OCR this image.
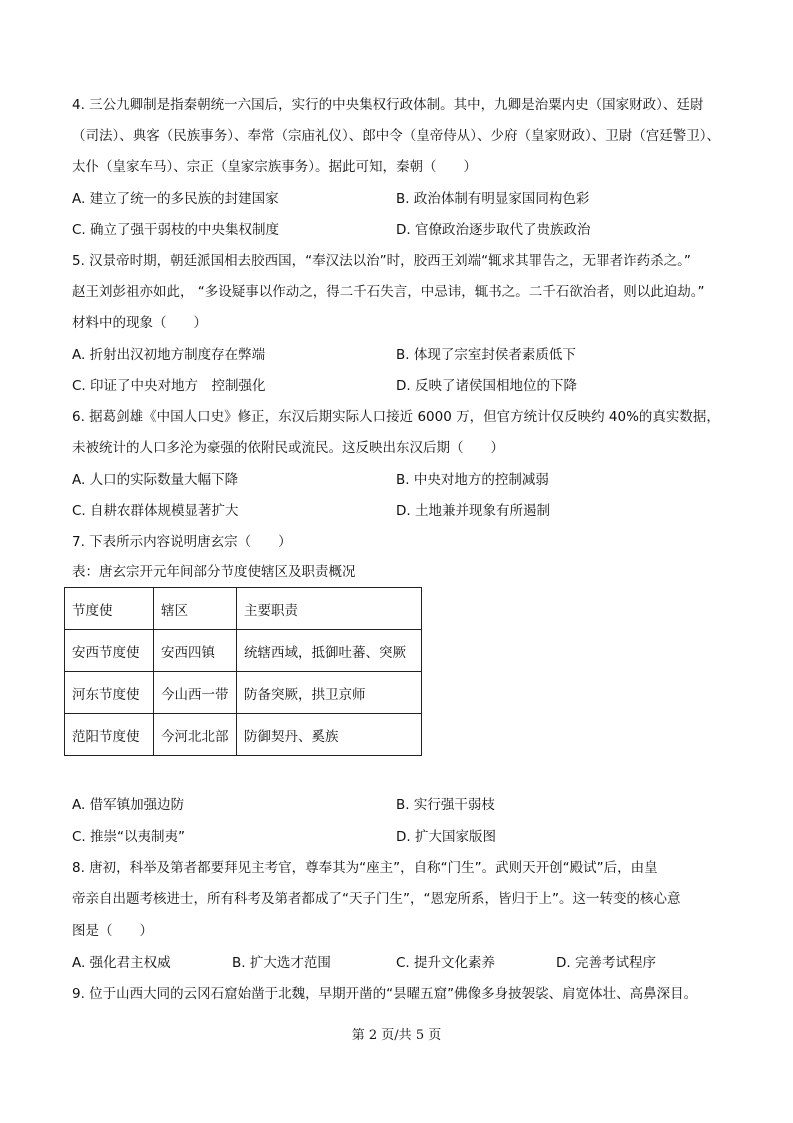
4. 三公九卿制是指秦朝统一六国后，实行的中央集权行政体制。其中，九卿是治粟内史（国家财政）、廷尉
（司法）、典客（民族事务）、奉常（宗庙礼仪）、郎中令（皇帝侍从）、少府（皇家财政）、卫尉（宫廷警卫）、
太仆（皇家车马）、宗正（皇家宗族事务）。据此可知，秦朝（　　）
A. 建立了统一的多民族的封建国家	B. 政治体制有明显家国同构色彩
C. 确立了强干弱枝的中央集权制度	D. 官僚政治逐步取代了贵族政治
5. 汉景帝时期，朝廷派国相去胶西国，“奉汉法以治”时，胶西王刘端“辄求其罪告之，无罪者诈药杀之。”
赵王刘彭祖亦如此， “多设疑事以作动之，得二千石失言，中忌讳，辄书之。二千石欲治者，则以此迫劫。”
材料中的现象（　　）
A. 折射出汉初地方制度存在弊端	B. 体现了宗室封侯者素质低下
C. 印证了中央对地方　控制强化	D. 反映了诸侯国相地位的下降
6. 据葛剑雄《中国人口史》修正，东汉后期实际人口接近 6000 万，但官方统计仅反映约 40%的真实数据，
未被统计的人口多沦为豪强的依附民或流民。这反映出东汉后期（　　）
A. 人口的实际数量大幅下降	B. 中央对地方的控制减弱
C. 自耕农群体规模显著扩大	D. 土地兼并现象有所遏制
7. 下表所示内容说明唐玄宗（　　）
表：唐玄宗开元年间部分节度使辖区及职责概况
节度使	辖区	主要职责
安西节度使	安西四镇	统辖西域，抵御吐蕃、突厥
河东节度使	今山西一带	防备突厥，拱卫京师
范阳节度使	今河北北部	防御契丹、奚族
A. 借军镇加强边防	B. 实行强干弱枝
C. 推崇“以夷制夷”	D. 扩大国家版图
8. 唐初，科举及第者都要拜见主考官，尊奉其为“座主”，自称“门生”。武则天开创“殿试”后，由皇
帝亲自出题考核进士，所有科考及第者都成了“天子门生”，“恩宠所系，皆归于上”。这一转变的核心意
图是（　　）
A. 强化君主权威	B. 扩大选才范围	C. 提升文化素养	D. 完善考试程序
9. 位于山西大同的云冈石窟始凿于北魏，早期开凿的“昙曜五窟”佛像多身披袈裟、肩宽体壮、高鼻深目。
第 2 页/共 5 页
